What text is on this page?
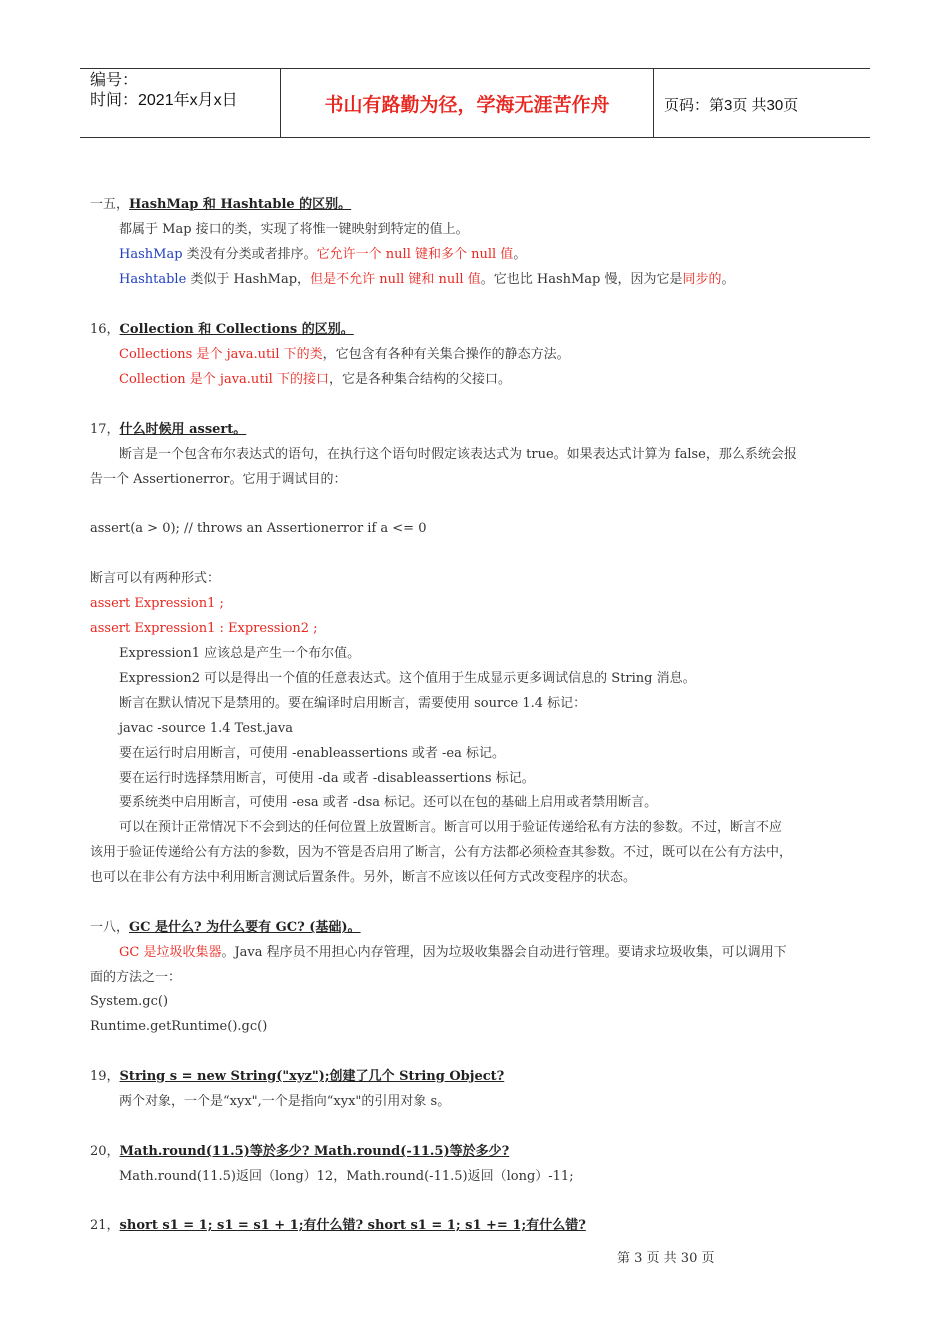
编号：
时间：2021年x月x日	书山有路勤为径，学海无涯苦作舟	页码：第3页 共30页
一五，HashMap 和 Hashtable 的区别。
都属于 Map 接口的类，实现了将惟一键映射到特定的值上。
HashMap 类没有分类或者排序。它允许一个 null 键和多个 null 值。
Hashtable 类似于 HashMap，但是不允许 null 键和 null 值。它也比 HashMap 慢，因为它是同步的。
16，Collection 和 Collections 的区别。
Collections 是个 java.util 下的类，它包含有各种有关集合操作的静态方法。
Collection 是个 java.util 下的接口，它是各种集合结构的父接口。
17，什么时候用 assert。
断言是一个包含布尔表达式的语句，在执行这个语句时假定该表达式为 true。如果表达式计算为 false，那么系统会报
告一个 Assertionerror。它用于调试目的：
assert(a > 0); // throws an Assertionerror if a <= 0
断言可以有两种形式：
assert Expression1 ;
assert Expression1 : Expression2 ;
Expression1 应该总是产生一个布尔值。
Expression2 可以是得出一个值的任意表达式。这个值用于生成显示更多调试信息的 String 消息。
断言在默认情况下是禁用的。要在编译时启用断言，需要使用 source 1.4 标记：
javac -source 1.4 Test.java
要在运行时启用断言，可使用 -enableassertions 或者 -ea 标记。
要在运行时选择禁用断言，可使用 -da 或者 -disableassertions 标记。
要系统类中启用断言，可使用 -esa 或者 -dsa 标记。还可以在包的基础上启用或者禁用断言。
可以在预计正常情况下不会到达的任何位置上放置断言。断言可以用于验证传递给私有方法的参数。不过，断言不应
该用于验证传递给公有方法的参数，因为不管是否启用了断言，公有方法都必须检查其参数。不过，既可以在公有方法中，
也可以在非公有方法中利用断言测试后置条件。另外，断言不应该以任何方式改变程序的状态。
一八，GC 是什么? 为什么要有 GC? (基础)。
GC 是垃圾收集器。Java 程序员不用担心内存管理，因为垃圾收集器会自动进行管理。要请求垃圾收集，可以调用下
面的方法之一：
System.gc()
Runtime.getRuntime().gc()
19，String s = new String("xyz");创建了几个 String Object?
两个对象，一个是“xyx",一个是指向“xyx"的引用对象 s。
20，Math.round(11.5)等於多少? Math.round(-11.5)等於多少?
Math.round(11.5)返回（long）12，Math.round(-11.5)返回（long）-11;
21，short s1 = 1; s1 = s1 + 1;有什么错? short s1 = 1; s1 += 1;有什么错?
第 3 页 共 30 页
